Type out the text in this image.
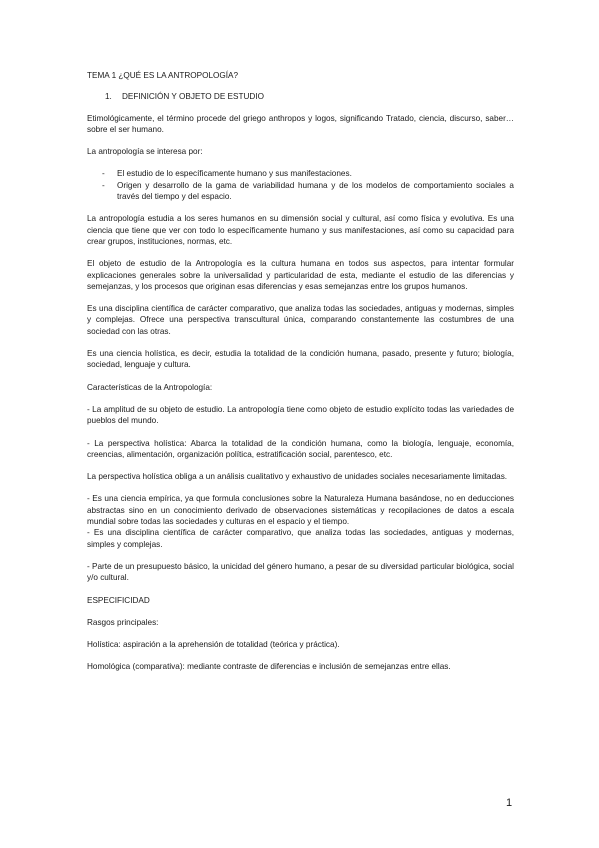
TEMA 1 ¿QUÉ ES LA ANTROPOLOGÍA?

1. DEFINICIÓN Y OBJETO DE ESTUDIO

Etimológicamente, el término procede del griego anthropos y logos, significando Tratado, ciencia, discurso, saber… sobre el ser humano.

La antropología se interesa por:

- El estudio de lo específicamente humano y sus manifestaciones.
- Origen y desarrollo de la gama de variabilidad humana y de los modelos de comportamiento sociales a través del tiempo y del espacio.

La antropología estudia a los seres humanos en su dimensión social y cultural, así como física y evolutiva. Es una ciencia que tiene que ver con todo lo específicamente humano y sus manifestaciones, así como su capacidad para crear grupos, instituciones, normas, etc.

El objeto de estudio de la Antropología es la cultura humana en todos sus aspectos, para intentar formular explicaciones generales sobre la universalidad y particularidad de esta, mediante el estudio de las diferencias y semejanzas, y los procesos que originan esas diferencias y esas semejanzas entre los grupos humanos.

Es una disciplina científica de carácter comparativo, que analiza todas las sociedades, antiguas y modernas, simples y complejas. Ofrece una perspectiva transcultural única, comparando constantemente las costumbres de una sociedad con las otras.

Es una ciencia holística, es decir, estudia la totalidad de la condición humana, pasado, presente y futuro; biología, sociedad, lenguaje y cultura.

Características de la Antropología:

- La amplitud de su objeto de estudio. La antropología tiene como objeto de estudio explícito todas las variedades de pueblos del mundo.

- La perspectiva holística: Abarca la totalidad de la condición humana, como la biología, lenguaje, economía, creencias, alimentación, organización política, estratificación social, parentesco, etc.

La perspectiva holística obliga a un análisis cualitativo y exhaustivo de unidades sociales necesariamente limitadas.

- Es una ciencia empírica, ya que formula conclusiones sobre la Naturaleza Humana basándose, no en deducciones abstractas sino en un conocimiento derivado de observaciones sistemáticas y recopilaciones de datos a escala mundial sobre todas las sociedades y culturas en el espacio y el tiempo.

- Es una disciplina científica de carácter comparativo, que analiza todas las sociedades, antiguas y modernas, simples y complejas.

- Parte de un presupuesto básico, la unicidad del género humano, a pesar de su diversidad particular biológica, social y/o cultural.

ESPECIFICIDAD

Rasgos principales:

Holística: aspiración a la aprehensión de totalidad (teórica y práctica).

Homológica (comparativa): mediante contraste de diferencias e inclusión de semejanzas entre ellas.

1
